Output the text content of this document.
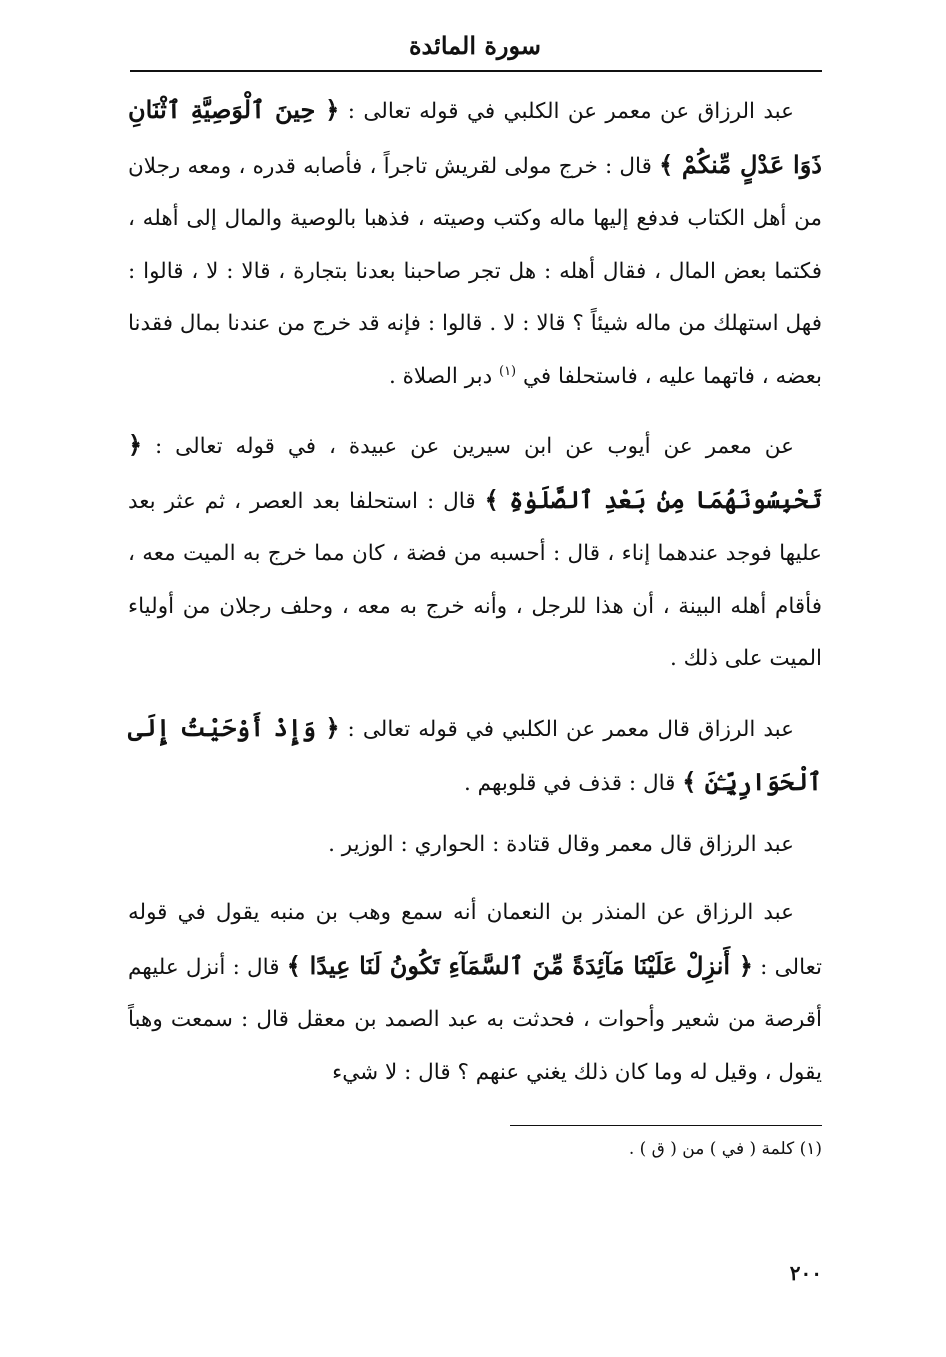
سورة المائدة

عبد الرزاق عن معمر عن الكلبي في قوله تعالى : ﴿ حِينَ ٱلْوَصِيَّةِ ٱثْنَانِ ذَوَا عَدْلٍ مِّنكُمْ ﴾ قال : خرج مولى لقريش تاجراً ، فأصابه قدره ، ومعه رجلان من أهل الكتاب فدفع إليها ماله وكتب وصيته ، فذهبا بالوصية والمال إلى أهله ، فكتما بعض المال ، فقال أهله : هل تجر صاحبنا بعدنا بتجارة ، قالا : لا ، قالوا : فهل استهلك من ماله شيئاً ؟ قالا : لا . قالوا : فإنه قد خرج من عندنا بمال فقدنا بعضه ، فاتهما عليه ، فاستحلفا في $^{(١)}$ دبر الصلاة .

عن معمر عن أيوب عن ابن سيرين عن عبيدة ، في قوله تعالى : ﴿ تَحْبِسُونَهُمَا مِنۢ بَعْدِ ٱلصَّلَوٰةِ ﴾ قال : استحلفا بعد العصر ، ثم عثر بعد عليها فوجد عندهما إناء ، قال : أحسبه من فضة ، كان مما خرج به الميت معه ، فأقام أهله البينة ، أن هذا للرجل ، وأنه خرج به معه ، وحلف رجلان من أولياء الميت على ذلك .

عبد الرزاق قال معمر عن الكلبي في قوله تعالى : ﴿ وَإِذْ أَوْحَيْتُ إِلَى ٱلْحَوَارِيِّـۧنَ ﴾ قال : قذف في قلوبهم .

عبد الرزاق قال معمر وقال قتادة : الحواري : الوزير .

عبد الرزاق عن المنذر بن النعمان أنه سمع وهب بن منبه يقول في قوله تعالى : ﴿ أَنزِلْ عَلَيْنَا مَآئِدَةً مِّنَ ٱلسَّمَآءِ تَكُونُ لَنَا عِيدًا ﴾ قال : أنزل عليهم أقرصة من شعير وأحوات ، فحدثت به عبد الصمد بن معقل قال : سمعت وهباً يقول ، وقيل له وما كان ذلك يغني عنهم ؟ قال : لا شيء

(١) كلمة ( في ) من ( ق ) .
٢٠٠
